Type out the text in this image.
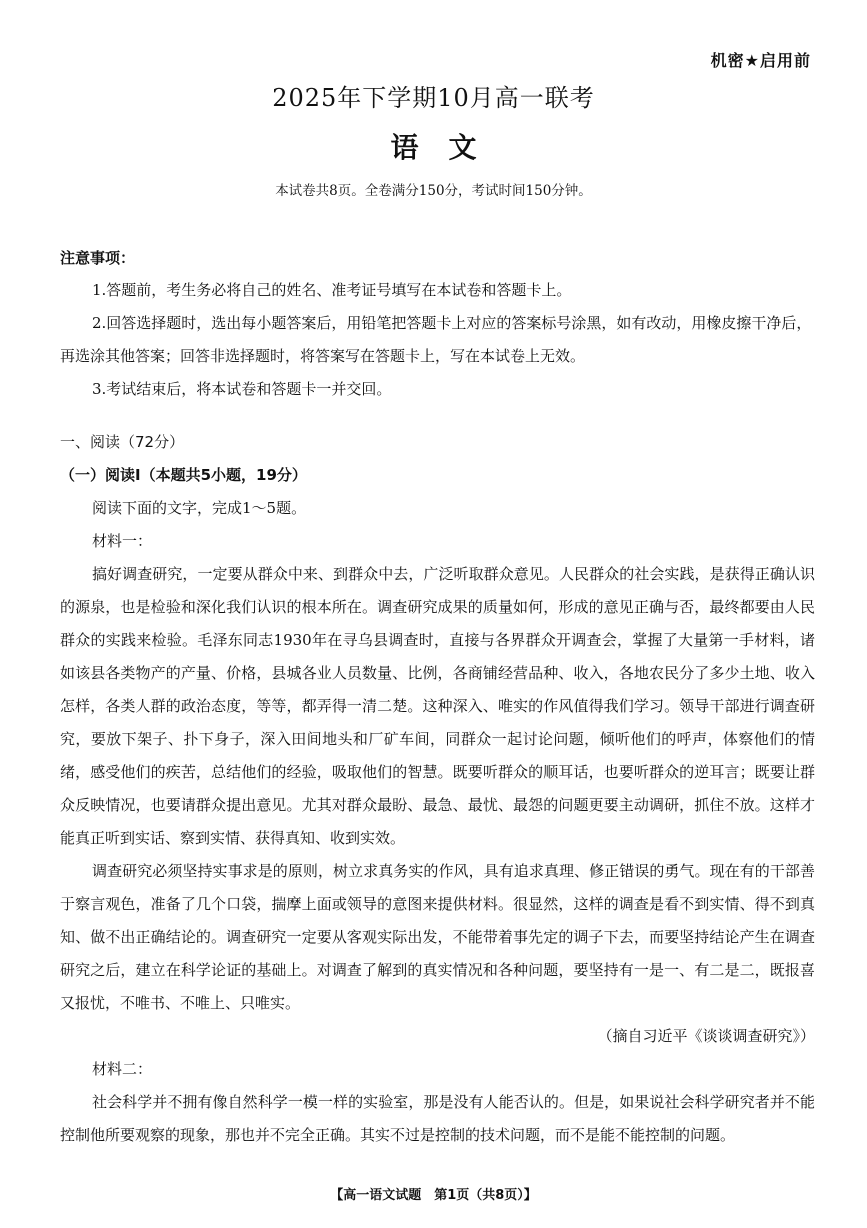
机密★启用前
2025年下学期10月高一联考
语文
本试卷共8页。全卷满分150分，考试时间150分钟。
注意事项：
1.答题前，考生务必将自己的姓名、准考证号填写在本试卷和答题卡上。
2.回答选择题时，选出每小题答案后，用铅笔把答题卡上对应的答案标号涂黑，如有改动，用橡皮擦干净后，再选涂其他答案；回答非选择题时，将答案写在答题卡上，写在本试卷上无效。
3.考试结束后，将本试卷和答题卡一并交回。
一、阅读（72分）
（一）阅读Ⅰ（本题共5小题，19分）
阅读下面的文字，完成1～5题。
材料一：
搞好调查研究，一定要从群众中来、到群众中去，广泛听取群众意见。人民群众的社会实践，是获得正确认识的源泉，也是检验和深化我们认识的根本所在。调查研究成果的质量如何，形成的意见正确与否，最终都要由人民群众的实践来检验。毛泽东同志1930年在寻乌县调查时，直接与各界群众开调查会，掌握了大量第一手材料，诸如该县各类物产的产量、价格，县城各业人员数量、比例，各商铺经营品种、收入，各地农民分了多少土地、收入怎样，各类人群的政治态度，等等，都弄得一清二楚。这种深入、唯实的作风值得我们学习。领导干部进行调查研究，要放下架子、扑下身子，深入田间地头和厂矿车间，同群众一起讨论问题，倾听他们的呼声，体察他们的情绪，感受他们的疾苦，总结他们的经验，吸取他们的智慧。既要听群众的顺耳话，也要听群众的逆耳言；既要让群众反映情况，也要请群众提出意见。尤其对群众最盼、最急、最忧、最怨的问题更要主动调研，抓住不放。这样才能真正听到实话、察到实情、获得真知、收到实效。
调查研究必须坚持实事求是的原则，树立求真务实的作风，具有追求真理、修正错误的勇气。现在有的干部善于察言观色，准备了几个口袋，揣摩上面或领导的意图来提供材料。很显然，这样的调查是看不到实情、得不到真知、做不出正确结论的。调查研究一定要从客观实际出发，不能带着事先定的调子下去，而要坚持结论产生在调查研究之后，建立在科学论证的基础上。对调查了解到的真实情况和各种问题，要坚持有一是一、有二是二，既报喜又报忧，不唯书、不唯上、只唯实。
（摘自习近平《谈谈调查研究》）
材料二：
社会科学并不拥有像自然科学一模一样的实验室，那是没有人能否认的。但是，如果说社会科学研究者并不能控制他所要观察的现象，那也并不完全正确。其实不过是控制的技术问题，而不是能不能控制的问题。
【高一语文试题　第1页（共8页）】
